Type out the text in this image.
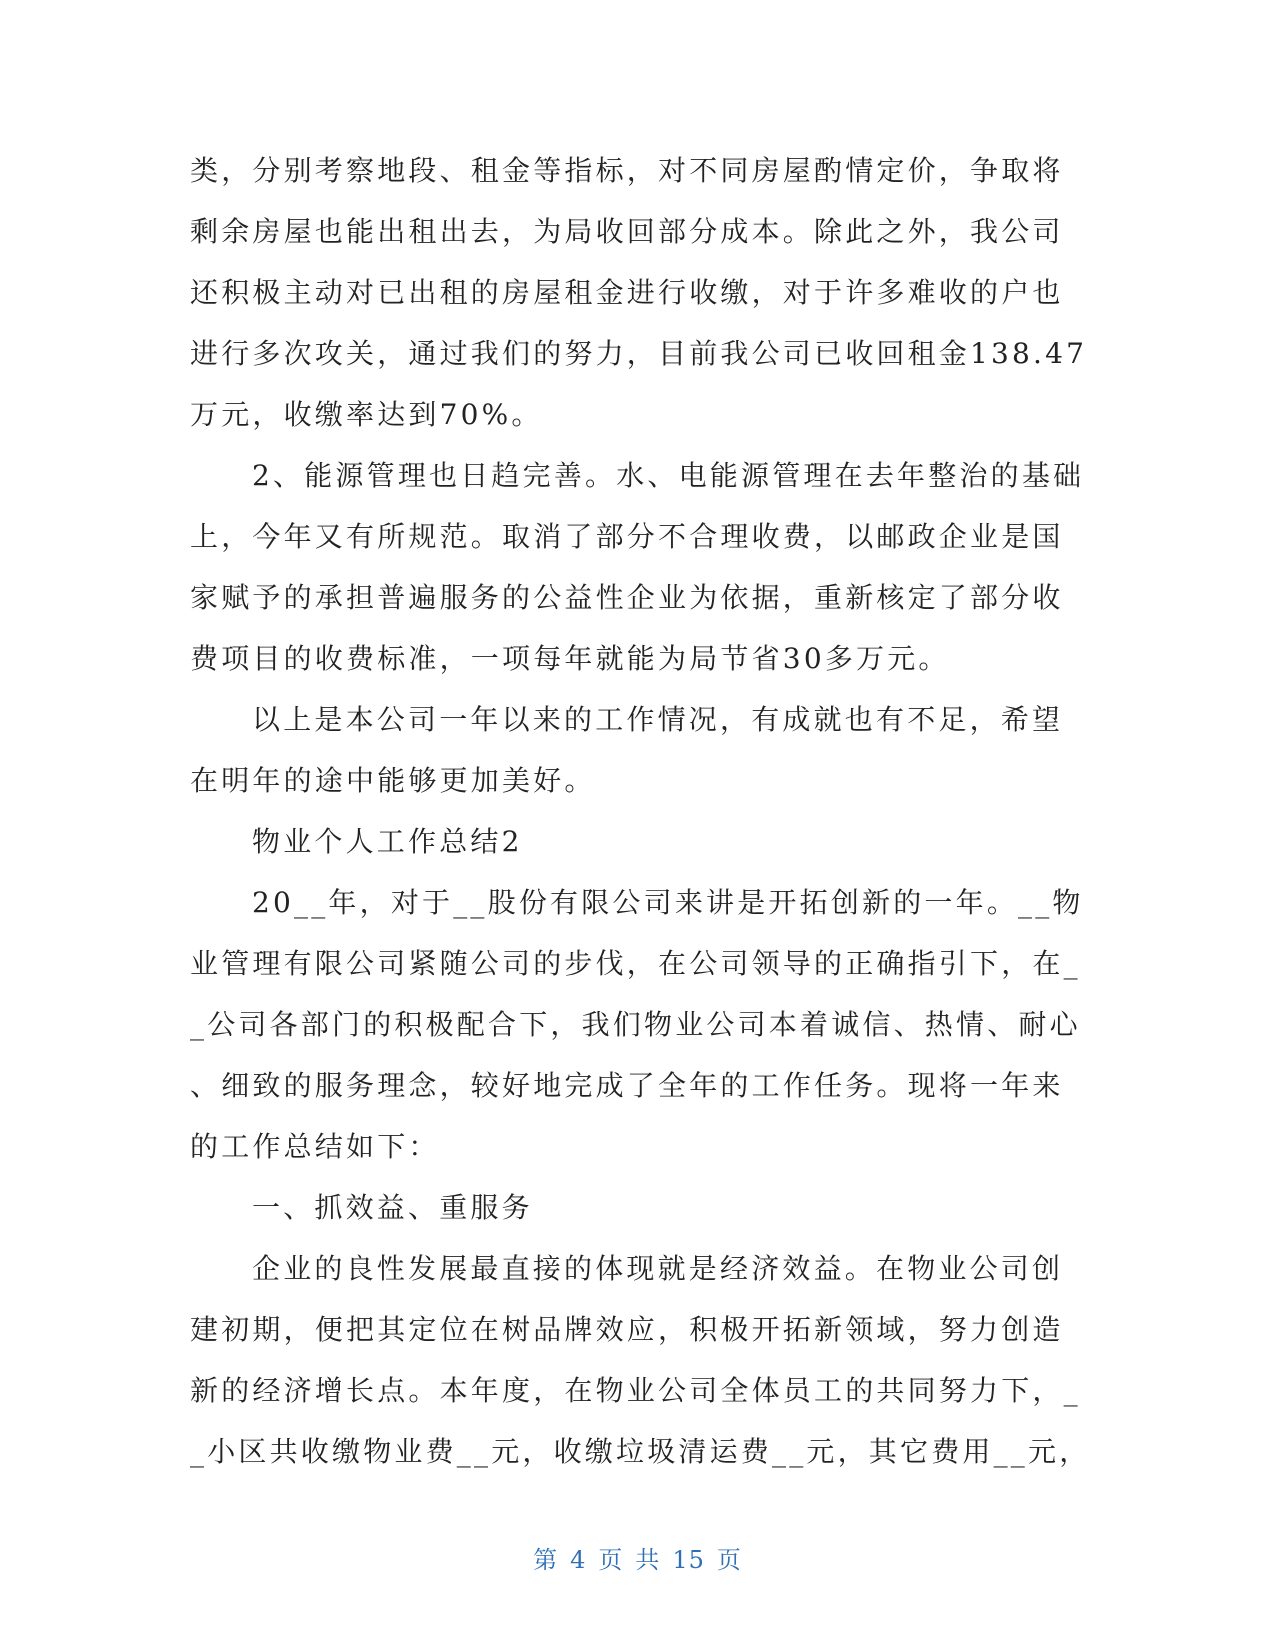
类，分别考察地段、租金等指标，对不同房屋酌情定价，争取将
剩余房屋也能出租出去，为局收回部分成本。除此之外，我公司
还积极主动对已出租的房屋租金进行收缴，对于许多难收的户也
进行多次攻关，通过我们的努力，目前我公司已收回租金138.47
万元，收缴率达到70%。
2、能源管理也日趋完善。水、电能源管理在去年整治的基础
上，今年又有所规范。取消了部分不合理收费，以邮政企业是国
家赋予的承担普遍服务的公益性企业为依据，重新核定了部分收
费项目的收费标准，一项每年就能为局节省30多万元。
以上是本公司一年以来的工作情况，有成就也有不足，希望
在明年的途中能够更加美好。
物业个人工作总结2
20__年，对于__股份有限公司来讲是开拓创新的一年。__物
业管理有限公司紧随公司的步伐，在公司领导的正确指引下，在_
_公司各部门的积极配合下，我们物业公司本着诚信、热情、耐心
、细致的服务理念，较好地完成了全年的工作任务。现将一年来
的工作总结如下：
一、抓效益、重服务
企业的良性发展最直接的体现就是经济效益。在物业公司创
建初期，便把其定位在树品牌效应，积极开拓新领域，努力创造
新的经济增长点。本年度，在物业公司全体员工的共同努力下，_
_小区共收缴物业费__元，收缴垃圾清运费__元，其它费用__元，
第 4 页 共 15 页
